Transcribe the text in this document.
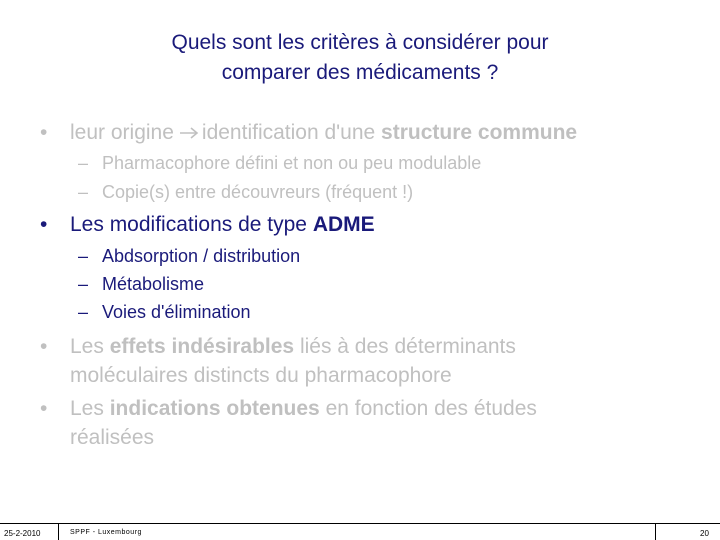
Quels sont les critères à considérer pour
comparer des médicaments ?
•	leur origine identification d'une structure commune
– Pharmacophore défini et non ou peu modulable
– Copie(s) entre découvreurs (fréquent !)
•	Les modifications de type ADME
– Abdsorption / distribution
– Métabolisme
– Voies d'élimination
•	Les effets indésirables liés à des déterminants
moléculaires distincts du pharmacophore
•	Les indications obtenues en fonction des études
réalisées
25-2-2010	SPPF - Luxembourg	20
